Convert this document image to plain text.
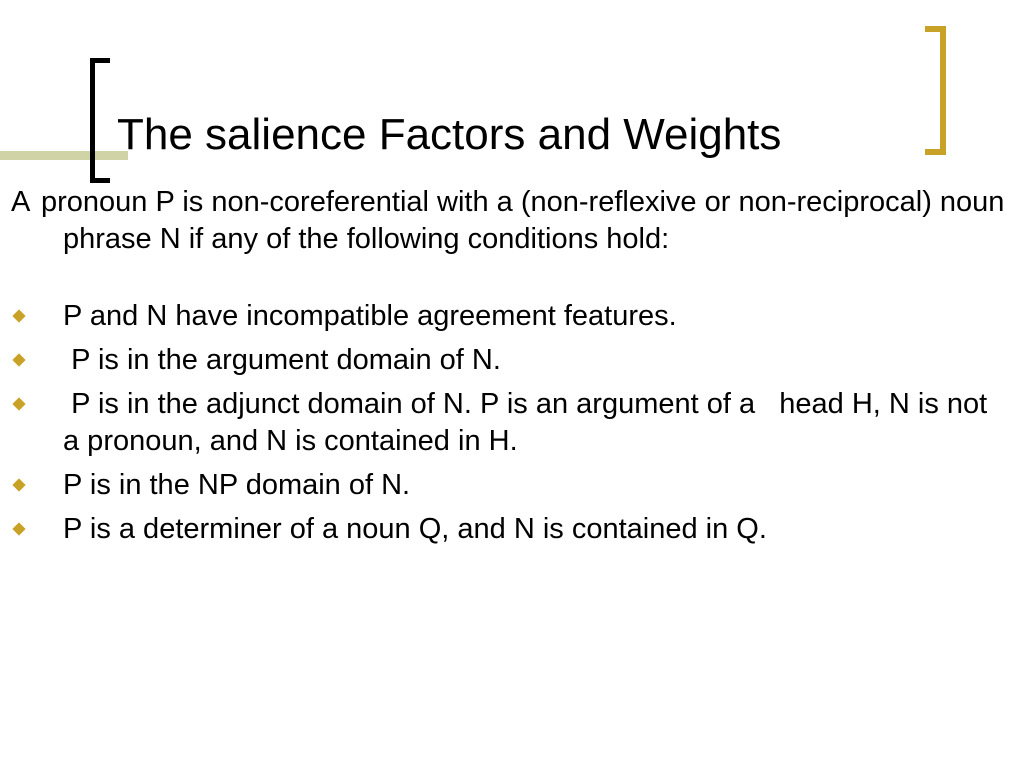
The salience Factors and Weights

A pronoun P is non-coreferential with a (non-reflexive or non-reciprocal) noun phrase N if any of the following conditions hold:

P and N have incompatible agreement features.
P is in the argument domain of N.
P is in the adjunct domain of N. P is an argument of a   head H, N is not a pronoun, and N is contained in H.
P is in the NP domain of N.
P is a determiner of a noun Q, and N is contained in Q.
